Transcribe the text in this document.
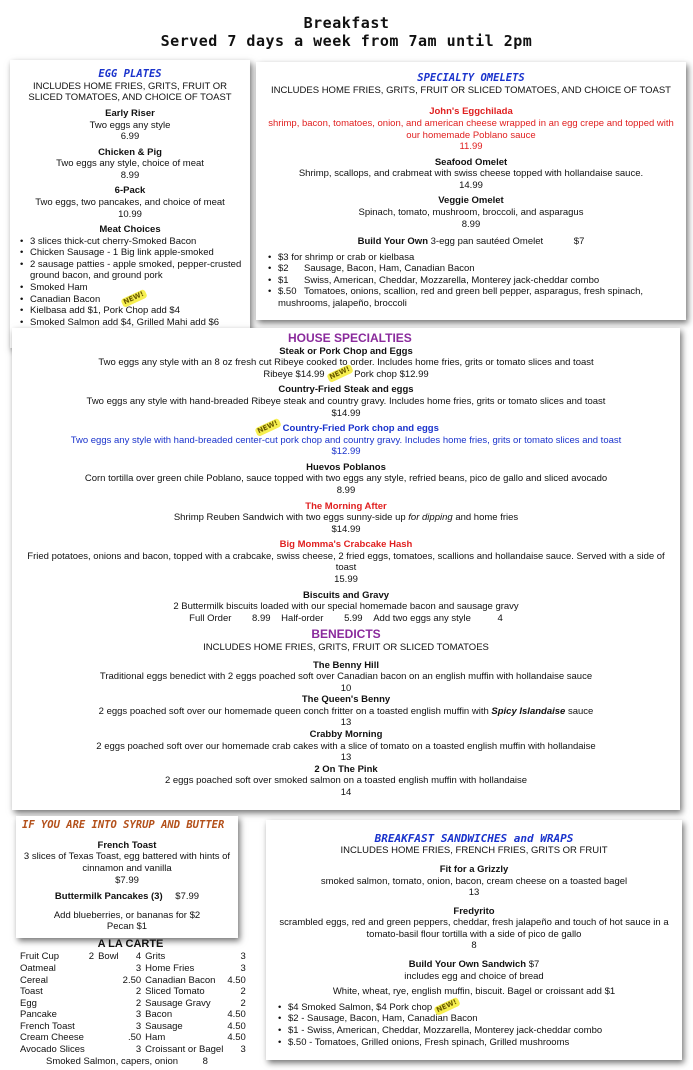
Breakfast
Served 7 days a week from 7am until 2pm
EGG PLATES
INCLUDES HOME FRIES, GRITS, FRUIT OR SLICED TOMATOES, AND CHOICE OF TOAST
Early Riser
Two eggs any style
6.99
Chicken & Pig
Two eggs any style, choice of meat
8.99
6-Pack
Two eggs, two pancakes, and choice of meat
10.99
Meat Choices
• 3 slices thick-cut cherry-Smoked Bacon
• Chicken Sausage - 1 Big link apple-smoked
• 2 sausage patties - apple smoked, pepper-crusted ground bacon, and ground pork
• Smoked Ham
• Canadian Bacon	NEW!
• Kielbasa add $1, Pork Chop add $4
• Smoked Salmon add $4, Grilled Mahi add $6
SPECIALTY OMELETS
INCLUDES HOME FRIES, GRITS, FRUIT OR SLICED TOMATOES, AND CHOICE OF TOAST
John's Eggchilada
shrimp, bacon, tomatoes, onion, and american cheese wrapped in an egg crepe and topped with our homemade Poblano sauce
11.99
Seafood Omelet
Shrimp, scallops, and crabmeat with swiss cheese topped with hollandaise sauce.
14.99
Veggie Omelet
Spinach, tomato, mushroom, broccoli, and asparagus
8.99
Build Your Own 3-egg pan sautéed Omelet	$7
• $3 for shrimp or crab or kielbasa
• $2 Sausage, Bacon, Ham, Canadian Bacon
• $1 Swiss, American, Cheddar, Mozzarella, Monterey jack-cheddar combo
• $.50 Tomatoes, onions, scallion, red and green bell pepper, asparagus, fresh spinach, mushrooms, jalapeño, broccoli
HOUSE SPECIALTIES
Steak or Pork Chop and Eggs
Two eggs any style with an 8 oz fresh cut Ribeye cooked to order. Includes home fries, grits or tomato slices and toast
Ribeye $14.99 NEW! Pork chop $12.99
Country-Fried Steak and eggs
Two eggs any style with hand-breaded Ribeye steak and country gravy. Includes home fries, grits or tomato slices and toast
$14.99
NEW! Country-Fried Pork chop and eggs
Two eggs any style with hand-breaded center-cut pork chop and country gravy. Includes home fries, grits or tomato slices and toast
$12.99
Huevos Poblanos
Corn tortilla over green chile Poblano, sauce topped with two eggs any style, refried beans, pico de gallo and sliced avocado
8.99
The Morning After
Shrimp Reuben Sandwich with two eggs sunny-side up for dipping and home fries
$14.99
Big Momma's Crabcake Hash
Fried potatoes, onions and bacon, topped with a crabcake, swiss cheese, 2 fried eggs, tomatoes, scallions and hollandaise sauce. Served with a side of toast
15.99
Biscuits and Gravy
2 Buttermilk biscuits loaded with our special homemade bacon and sausage gravy
Full Order 8.99 Half-order 5.99 Add two eggs any style	4
BENEDICTS
INCLUDES HOME FRIES, GRITS, FRUIT OR SLICED TOMATOES
The Benny Hill
Traditional eggs benedict with 2 eggs poached soft over Canadian bacon on an english muffin with hollandaise sauce
10
The Queen's Benny
2 eggs poached soft over our homemade queen conch fritter on a toasted english muffin with Spicy Islandaise sauce
13
Crabby Morning
2 eggs poached soft over our homemade crab cakes with a slice of tomato on a toasted english muffin with hollandaise
13
2 On The Pink
2 eggs poached soft over smoked salmon on a toasted english muffin with hollandaise
14
IF YOU ARE INTO SYRUP AND BUTTER
French Toast
3 slices of Texas Toast, egg battered with hints of cinnamon and vanilla
$7.99
Buttermilk Pancakes (3) $7.99
Add blueberries, or bananas for $2
Pecan $1
A LA CARTE
Fruit Cup	2	Bowl	4	Grits	3
Oatmeal			3	Home Fries	3
Cereal			2.50	Canadian Bacon	4.50
Toast			2	Sliced Tomato	2
Egg			2	Sausage Gravy	2
Pancake			3	Bacon	4.50
French Toast			3	Sausage	4.50
Cream Cheese			.50	Ham	4.50
Avocado Slices			3	Croissant or Bagel	3
Smoked Salmon, capers, onion	8
BREAKFAST SANDWICHES and WRAPS
INCLUDES HOME FRIES, FRENCH FRIES, GRITS OR FRUIT
Fit for a Grizzly
smoked salmon, tomato, onion, bacon, cream cheese on a toasted bagel
13
Fredyrito
scrambled eggs, red and green peppers, cheddar, fresh jalapeño and touch of hot sauce in a tomato-basil flour tortilla with a side of pico de gallo
8
Build Your Own Sandwich $7
includes egg and choice of bread
White, wheat, rye, english muffin, biscuit. Bagel or croissant add $1
• $4 Smoked Salmon, $4 Pork chop NEW!
• $2 - Sausage, Bacon, Ham, Canadian Bacon
• $1 - Swiss, American, Cheddar, Mozzarella, Monterey jack-cheddar combo
• $.50 - Tomatoes, Grilled onions, Fresh spinach, Grilled mushrooms
